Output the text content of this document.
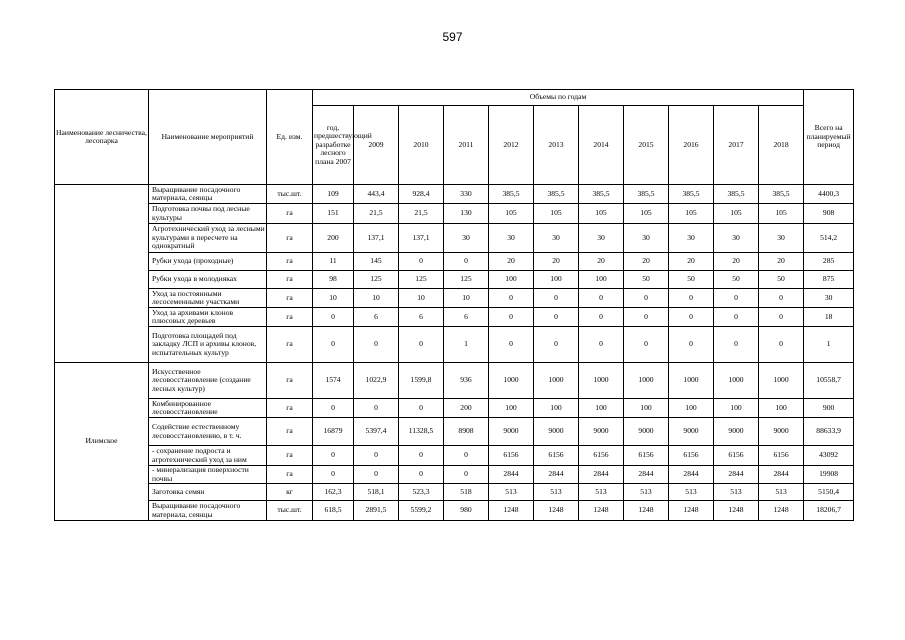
597
Наименование лесничества, лесопарка	Наименование мероприятий	Ед. изм.	Объемы по годам											Всего на планируемый период
			год, предшествующий разработке лесного плана 2007	2009	2010	2011	2012	2013	2014	2015	2016	2017	2018	
	Выращивание посадочного материала, сеянцы	тыс.шт.	109	443,4	928,4	330	385,5	385,5	385,5	385,5	385,5	385,5	385,5	4400,3
	Подготовка почвы под лесные культуры	га	151	21,5	21,5	130	105	105	105	105	105	105	105	908
	Агротехнический уход за лесными культурами в пересчете на однократный	га	200	137,1	137,1	30	30	30	30	30	30	30	30	514,2
	Рубки ухода (проходные)	га	11	145	0	0	20	20	20	20	20	20	20	285
	Рубки ухода в молодняках	га	98	125	125	125	100	100	100	50	50	50	50	875
	Уход за постоянными лесосеменными участками	га	10	10	10	10	0	0	0	0	0	0	0	30
	Уход за архивами клонов плюсовых деревьев	га	0	6	6	6	0	0	0	0	0	0	0	18
	Подготовка площадей под закладку ЛСП и архивы клонов, испытательных культур	га	0	0	0	1	0	0	0	0	0	0	0	1
Илимское	Искусственное лесовосстановление (создание лесных культур)	га	1574	1022,9	1599,8	936	1000	1000	1000	1000	1000	1000	1000	10558,7
	Комбинированное лесовосстановление	га	0	0	0	200	100	100	100	100	100	100	100	900
	Содействие естественному лесовосстановлению, в т. ч.	га	16879	5397,4	11328,5	8908	9000	9000	9000	9000	9000	9000	9000	88633,9
	- сохранение подроста и агротехнический уход за ним	га	0	0	0	0	6156	6156	6156	6156	6156	6156	6156	43092
	- минерализация поверхности почвы	га	0	0	0	0	2844	2844	2844	2844	2844	2844	2844	19908
	Заготовка семян	кг	162,3	518,1	523,3	518	513	513	513	513	513	513	513	5150,4
	Выращивание посадочного материала, сеянцы	тыс.шт.	618,5	2891,5	5599,2	980	1248	1248	1248	1248	1248	1248	1248	18206,7
